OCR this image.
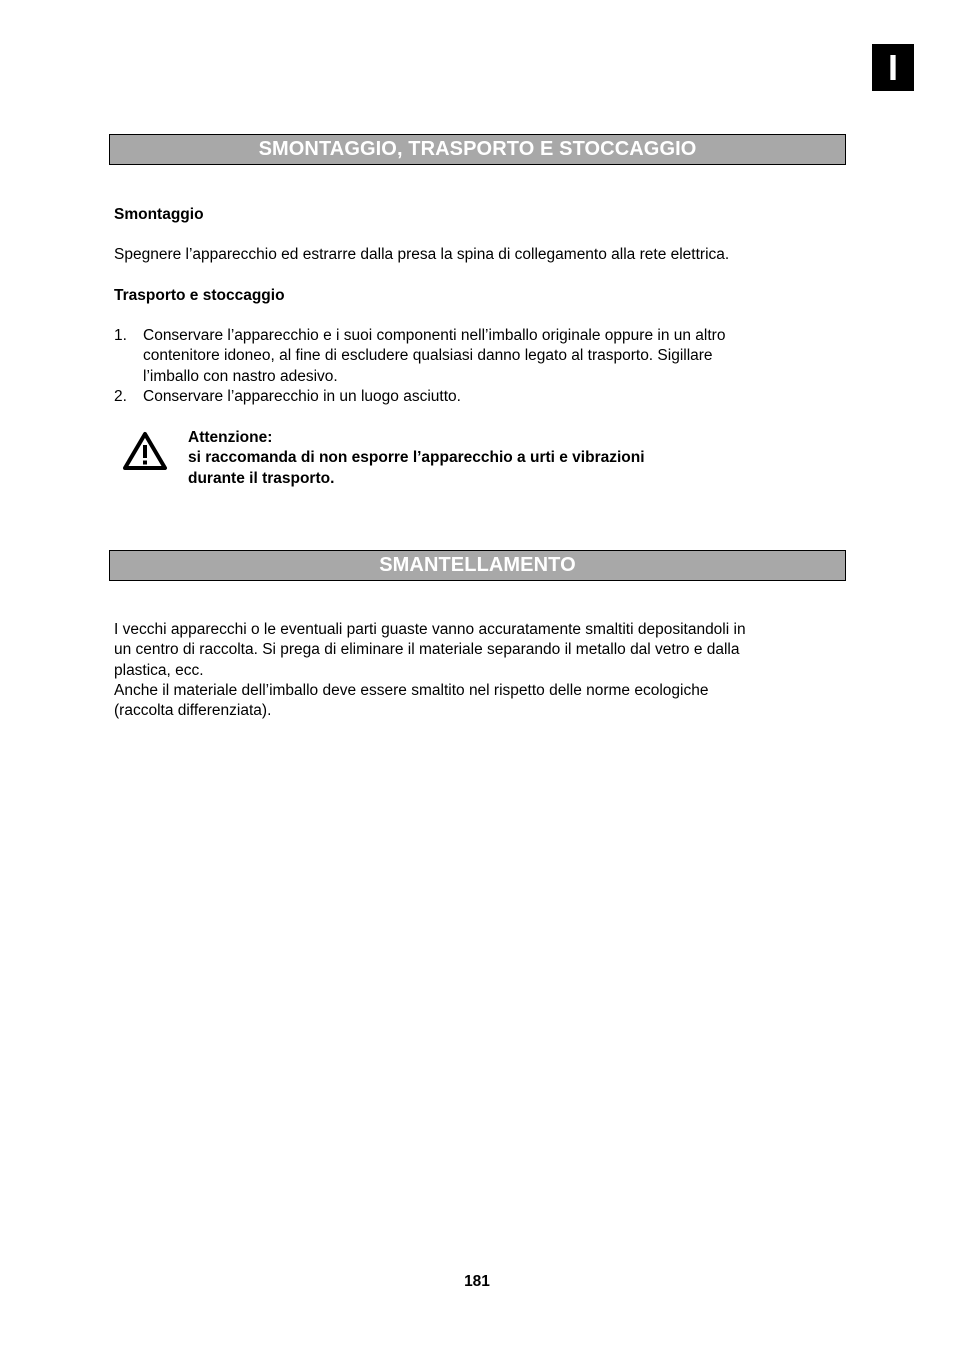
I
SMONTAGGIO, TRASPORTO E STOCCAGGIO
Smontaggio
Spegnere l’apparecchio ed estrarre dalla presa la spina di collegamento alla rete elettrica.
Trasporto e stoccaggio
1. Conservare l’apparecchio e i suoi componenti nell’imballo originale oppure in un altro
contenitore idoneo, al fine di escludere qualsiasi danno legato al trasporto. Sigillare
l’imballo con nastro adesivo.
2. Conservare l’apparecchio in un luogo asciutto.
Attenzione:
si raccomanda di non esporre l’apparecchio a urti e vibrazioni
durante il trasporto.
SMANTELLAMENTO
I vecchi apparecchi o le eventuali parti guaste vanno accuratamente smaltiti depositandoli in
un centro di raccolta. Si prega di eliminare il materiale separando il metallo dal vetro e dalla
plastica, ecc.
Anche il materiale dell’imballo deve essere smaltito nel rispetto delle norme ecologiche
(raccolta differenziata).
181
